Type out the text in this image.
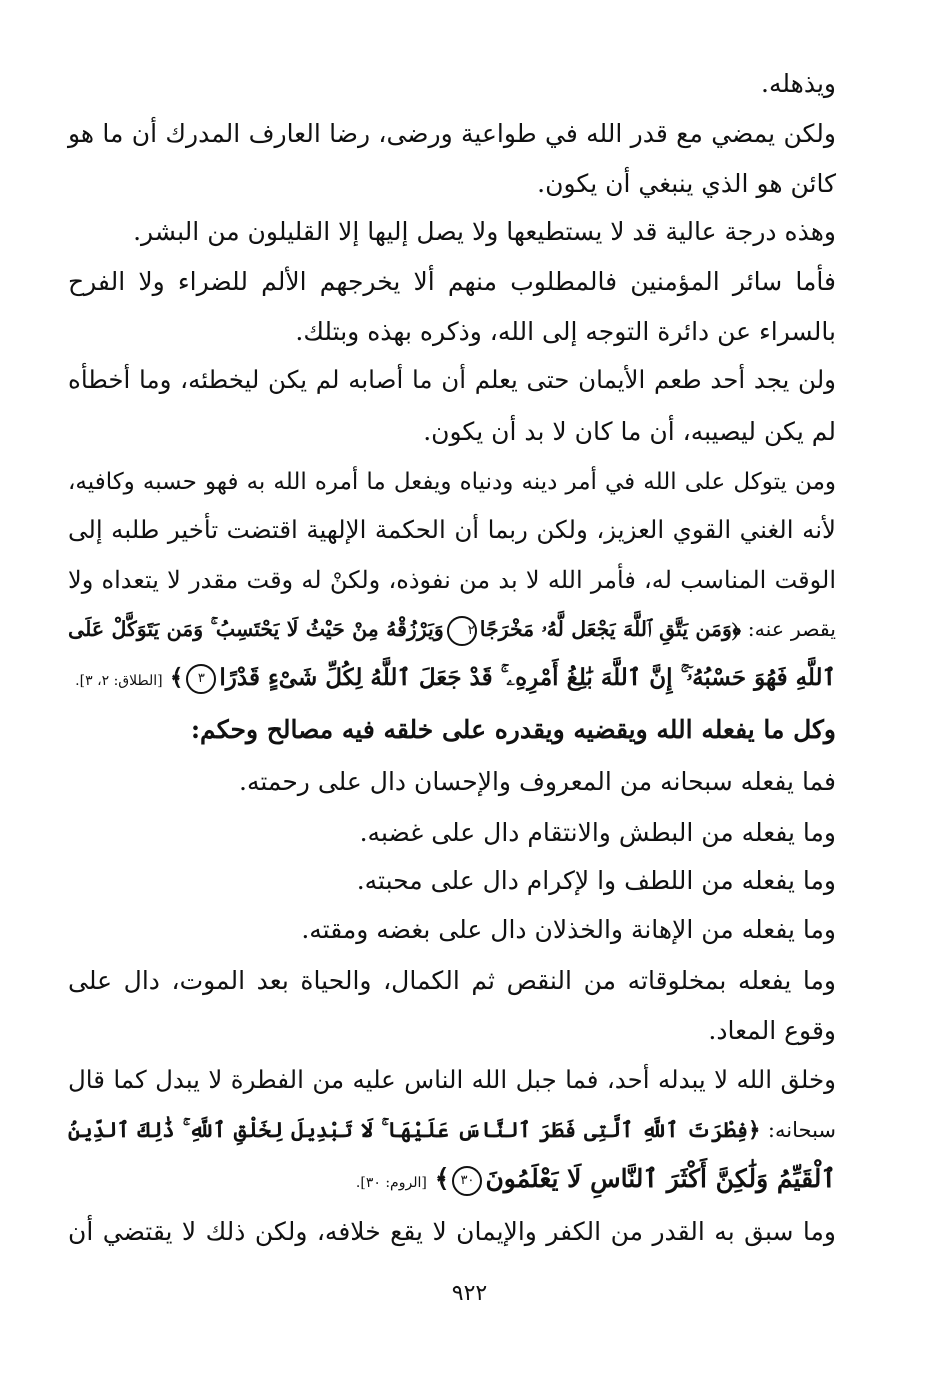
ويذهله.
ولكن يمضي مع قدر الله في طواعية ورضى، رضا العارف المدرك أن ما هو
كائن هو الذي ينبغي أن يكون.
وهذه درجة عالية قد لا يستطيعها ولا يصل إليها إلا القليلون من البشر.
فأما سائر المؤمنين فالمطلوب منهم ألا يخرجهم الألم للضراء ولا الفرح
بالسراء عن دائرة التوجه إلى الله، وذكره بهذه وبتلك.
ولن يجد أحد طعم الأيمان حتى يعلم أن ما أصابه لم يكن ليخطئه، وما أخطأه
لم يكن ليصيبه، أن ما كان لا بد أن يكون.
ومن يتوكل على الله في أمر دينه ودنياه ويفعل ما أمره الله به فهو حسبه وكافيه،
لأنه الغني القوي العزيز، ولكن ربما أن الحكمة الإلهية اقتضت تأخير طلبه إلى
الوقت المناسب له، فأمر الله لا بد من نفوذه، ولكنْ له وقت مقدر لا يتعداه ولا
يقصر عنه: ﴿وَمَن يَتَّقِ ٱللَّهَ يَجْعَل لَّهُۥ مَخْرَجًا٢وَيَرْزُقْهُ مِنْ حَيْثُ لَا يَحْتَسِبُ ۚ وَمَن يَتَوَكَّلْ عَلَى
ٱللَّهِ فَهُوَ حَسْبُهُۥٓ ۚ إِنَّ ٱللَّهَ بَٰلِغُ أَمْرِهِۦ ۚ قَدْ جَعَلَ ٱللَّهُ لِكُلِّ شَىْءٍ قَدْرًا٣﴾ [الطلاق: ٢، ٣].
وكل ما يفعله الله ويقضيه ويقدره على خلقه فيه مصالح وحكم:
فما يفعله سبحانه من المعروف والإحسان دال على رحمته.
وما يفعله من البطش والانتقام دال على غضبه.
وما يفعله من اللطف وا لإكرام دال على محبته.
وما يفعله من الإهانة والخذلان دال على بغضه ومقته.
وما يفعله بمخلوقاته من النقص ثم الكمال، والحياة بعد الموت، دال على
وقوع المعاد.
وخلق الله لا يبدله أحد، فما جبل الله الناس عليه من الفطرة لا يبدل كما قال
سبحانه: ﴿فِطْرَتَ ٱللَّهِ ٱلَّتِى فَطَرَ ٱلنَّاسَ عَلَيْهَا ۚ لَا تَبْدِيلَ لِخَلْقِ ٱللَّهِ ۚ ذَٰلِكَ ٱلدِّينُ
ٱلْقَيِّمُ وَلَٰكِنَّ أَكْثَرَ ٱلنَّاسِ لَا يَعْلَمُونَ٣٠﴾ [الروم: ٣٠].
وما سبق به القدر من الكفر والإيمان لا يقع خلافه، ولكن ذلك لا يقتضي أن
٩٢٢
